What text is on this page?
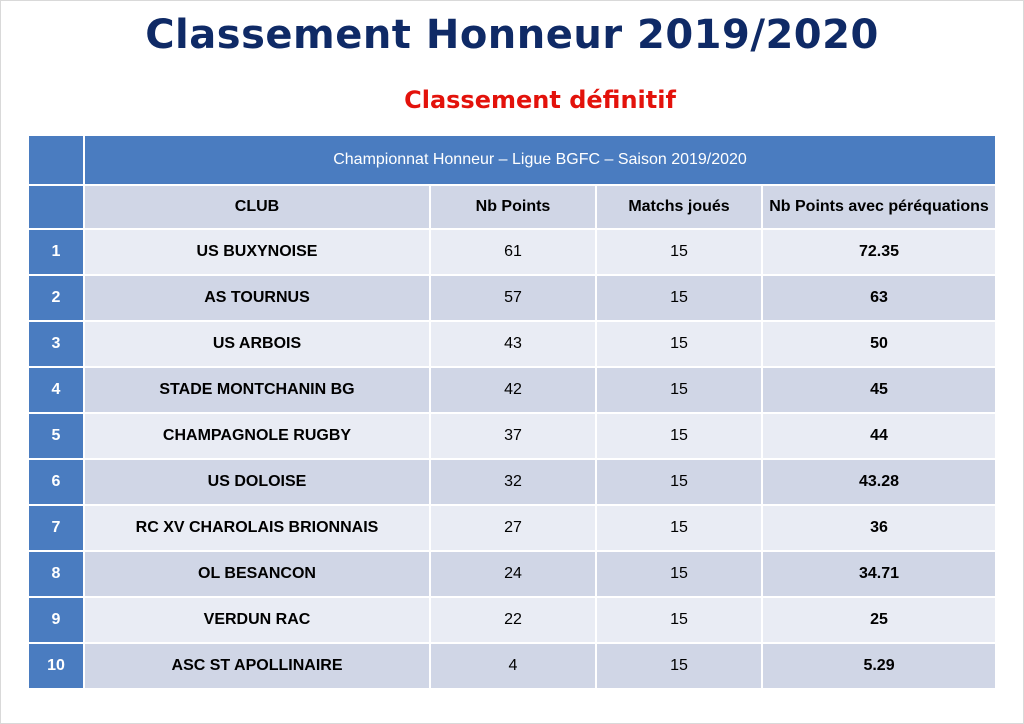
Classement Honneur 2019/2020
Classement définitif
	Championnat Honneur – Ligue BGFC – Saison 2019/2020			
	CLUB	Nb Points	Matchs joués	Nb Points avec péréquations
1	US BUXYNOISE	61	15	72.35
2	AS TOURNUS	57	15	63
3	US ARBOIS	43	15	50
4	STADE MONTCHANIN BG	42	15	45
5	CHAMPAGNOLE RUGBY	37	15	44
6	US DOLOISE	32	15	43.28
7	RC XV CHAROLAIS BRIONNAIS	27	15	36
8	OL BESANCON	24	15	34.71
9	VERDUN RAC	22	15	25
10	ASC ST APOLLINAIRE	4	15	5.29
